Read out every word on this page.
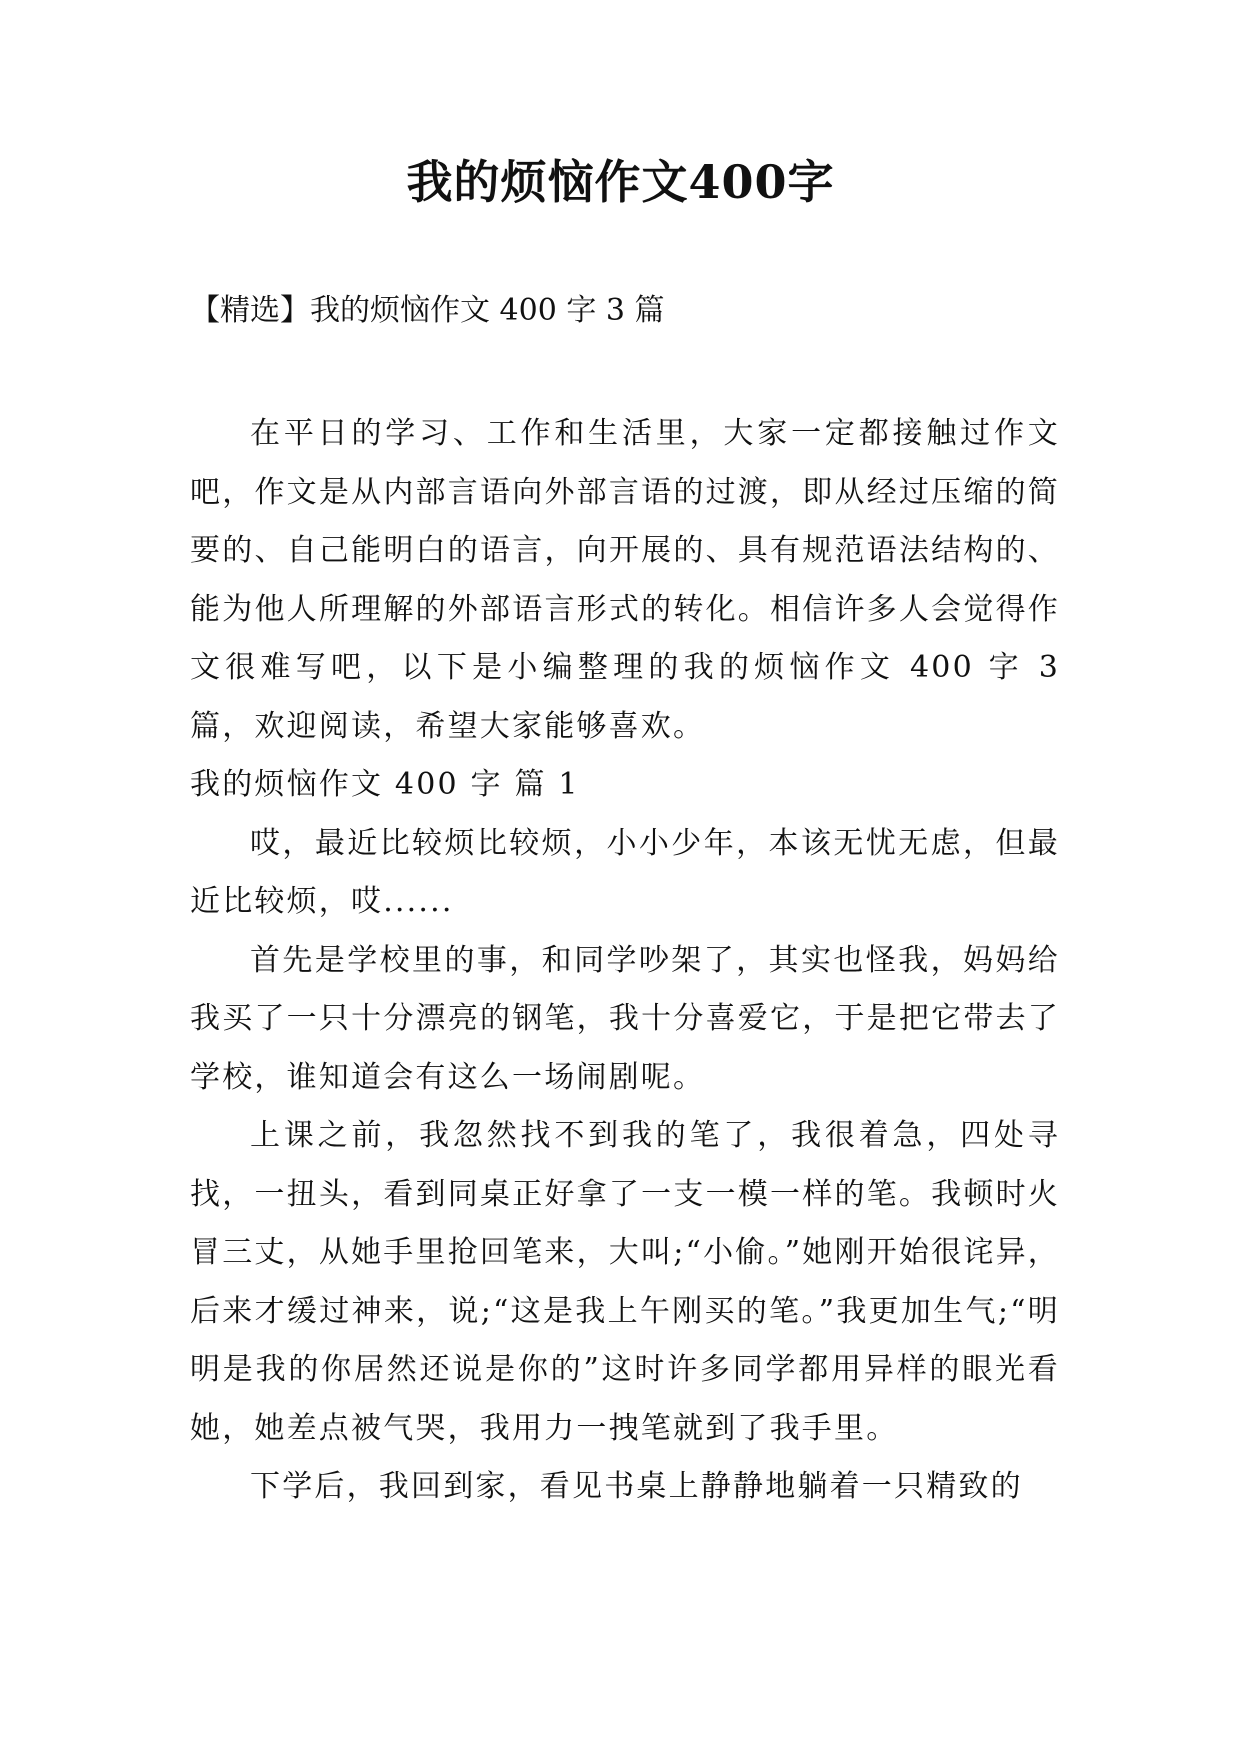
我的烦恼作文400字
【精选】我的烦恼作文 400 字 3 篇

在平日的学习、工作和生活里，大家一定都接触过作文吧，作文是从内部言语向外部言语的过渡，即从经过压缩的简要的、自己能明白的语言，向开展的、具有规范语法结构的、能为他人所理解的外部语言形式的转化。相信许多人会觉得作文很难写吧，以下是小编整理的我的烦恼作文 400 字 3 篇，欢迎阅读，希望大家能够喜欢。

我的烦恼作文 400 字 篇 1

哎，最近比较烦比较烦，小小少年，本该无忧无虑，但最近比较烦，哎......

首先是学校里的事，和同学吵架了，其实也怪我，妈妈给我买了一只十分漂亮的钢笔，我十分喜爱它，于是把它带去了学校，谁知道会有这么一场闹剧呢。

上课之前，我忽然找不到我的笔了，我很着急，四处寻找，一扭头，看到同桌正好拿了一支一模一样的笔。我顿时火冒三丈，从她手里抢回笔来，大叫;“小偷。”她刚开始很诧异，后来才缓过神来，说;“这是我上午刚买的笔。”我更加生气;“明明是我的你居然还说是你的”这时许多同学都用异样的眼光看她，她差点被气哭，我用力一拽笔就到了我手里。

下学后，我回到家，看见书桌上静静地躺着一只精致的
